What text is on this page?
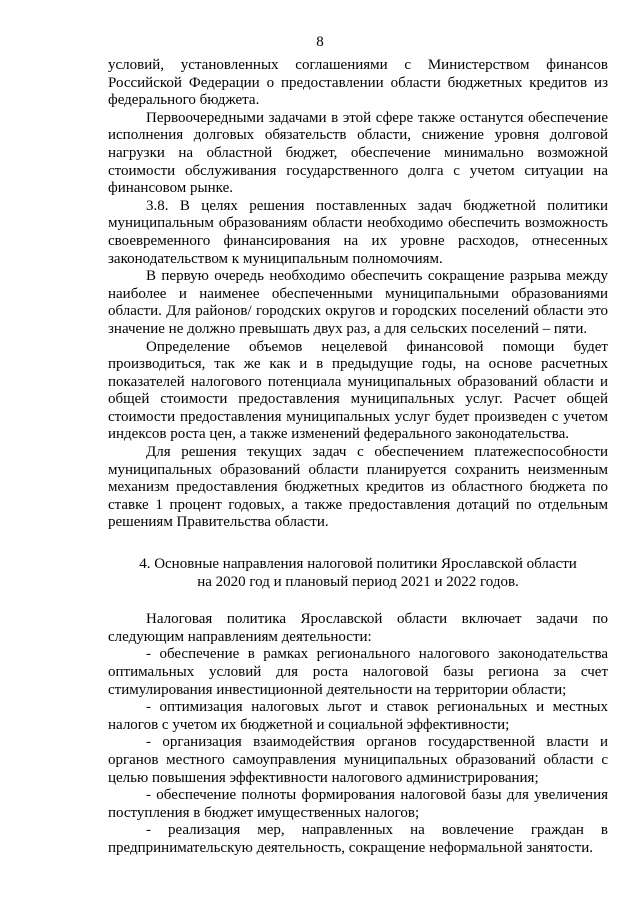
8

условий, установленных соглашениями с Министерством финансов Российской Федерации о предоставлении области бюджетных кредитов из федерального бюджета.

Первоочередными задачами в этой сфере также останутся обеспечение исполнения долговых обязательств области, снижение уровня долговой нагрузки на областной бюджет, обеспечение минимально возможной стоимости обслуживания государственного долга с учетом ситуации на финансовом рынке.

3.8. В целях решения поставленных задач бюджетной политики муниципальным образованиям области необходимо обеспечить возможность своевременного финансирования на их уровне расходов, отнесенных законодательством к муниципальным полномочиям.

В первую очередь необходимо обеспечить сокращение разрыва между наиболее и наименее обеспеченными муниципальными образованиями области. Для районов/ городских округов и городских поселений области это значение не должно превышать двух раз, а для сельских поселений – пяти.

Определение объемов нецелевой финансовой помощи будет производиться, так же как и в предыдущие годы, на основе расчетных показателей налогового потенциала муниципальных образований области и общей стоимости предоставления муниципальных услуг. Расчет общей стоимости предоставления муниципальных услуг будет произведен с учетом индексов роста цен, а также изменений федерального законодательства.

Для решения текущих задач с обеспечением платежеспособности муниципальных образований области планируется сохранить неизменным механизм предоставления бюджетных кредитов из областного бюджета по ставке 1 процент годовых, а также предоставления дотаций по отдельным решениям Правительства области.

4. Основные направления налоговой политики Ярославской области
на 2020 год и плановый период 2021 и 2022 годов.

Налоговая политика Ярославской области включает задачи по следующим направлениям деятельности:

- обеспечение в рамках регионального налогового законодательства оптимальных условий для роста налоговой базы региона за счет стимулирования инвестиционной деятельности на территории области;

- оптимизация налоговых льгот и ставок региональных и местных налогов с учетом их бюджетной и социальной эффективности;

- организация взаимодействия органов государственной власти и органов местного самоуправления муниципальных образований области с целью повышения эффективности налогового администрирования;

- обеспечение полноты формирования налоговой базы для увеличения поступления в бюджет имущественных налогов;

- реализация мер, направленных на вовлечение граждан в предпринимательскую деятельность, сокращение неформальной занятости.
